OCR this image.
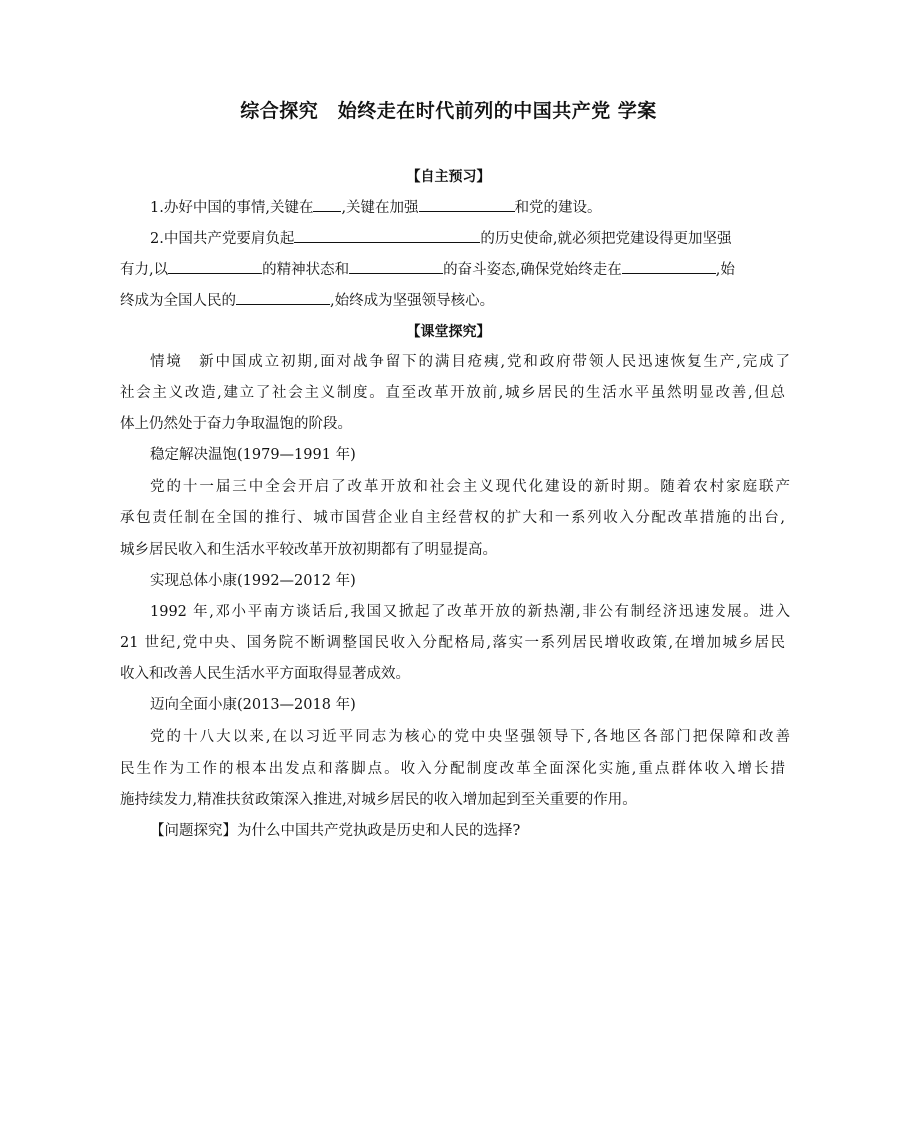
综合探究　始终走在时代前列的中国共产党 学案
【自主预习】
1.办好中国的事情,关键在 ,关键在加强	和党的建设。
2.中国共产党要肩负起	的历史使命,就必须把党建设得更加坚强
有力,以	的精神状态和	的奋斗姿态,确保党始终走在	,始
终成为全国人民的	,始终成为坚强领导核心。
【课堂探究】
情境　新中国成立初期,面对战争留下的满目疮痍,党和政府带领人民迅速恢复生产,完成了
社会主义改造,建立了社会主义制度。直至改革开放前,城乡居民的生活水平虽然明显改善,但总
体上仍然处于奋力争取温饱的阶段。
稳定解决温饱(1979—1991 年)
党的十一届三中全会开启了改革开放和社会主义现代化建设的新时期。随着农村家庭联产
承包责任制在全国的推行、城市国营企业自主经营权的扩大和一系列收入分配改革措施的出台,
城乡居民收入和生活水平较改革开放初期都有了明显提高。
实现总体小康(1992—2012 年)
1992 年,邓小平南方谈话后,我国又掀起了改革开放的新热潮,非公有制经济迅速发展。进入
21 世纪,党中央、国务院不断调整国民收入分配格局,落实一系列居民增收政策,在增加城乡居民
收入和改善人民生活水平方面取得显著成效。
迈向全面小康(2013—2018 年)
党的十八大以来,在以习近平同志为核心的党中央坚强领导下,各地区各部门把保障和改善
民生作为工作的根本出发点和落脚点。收入分配制度改革全面深化实施,重点群体收入增长措
施持续发力,精准扶贫政策深入推进,对城乡居民的收入增加起到至关重要的作用。
【问题探究】为什么中国共产党执政是历史和人民的选择?
